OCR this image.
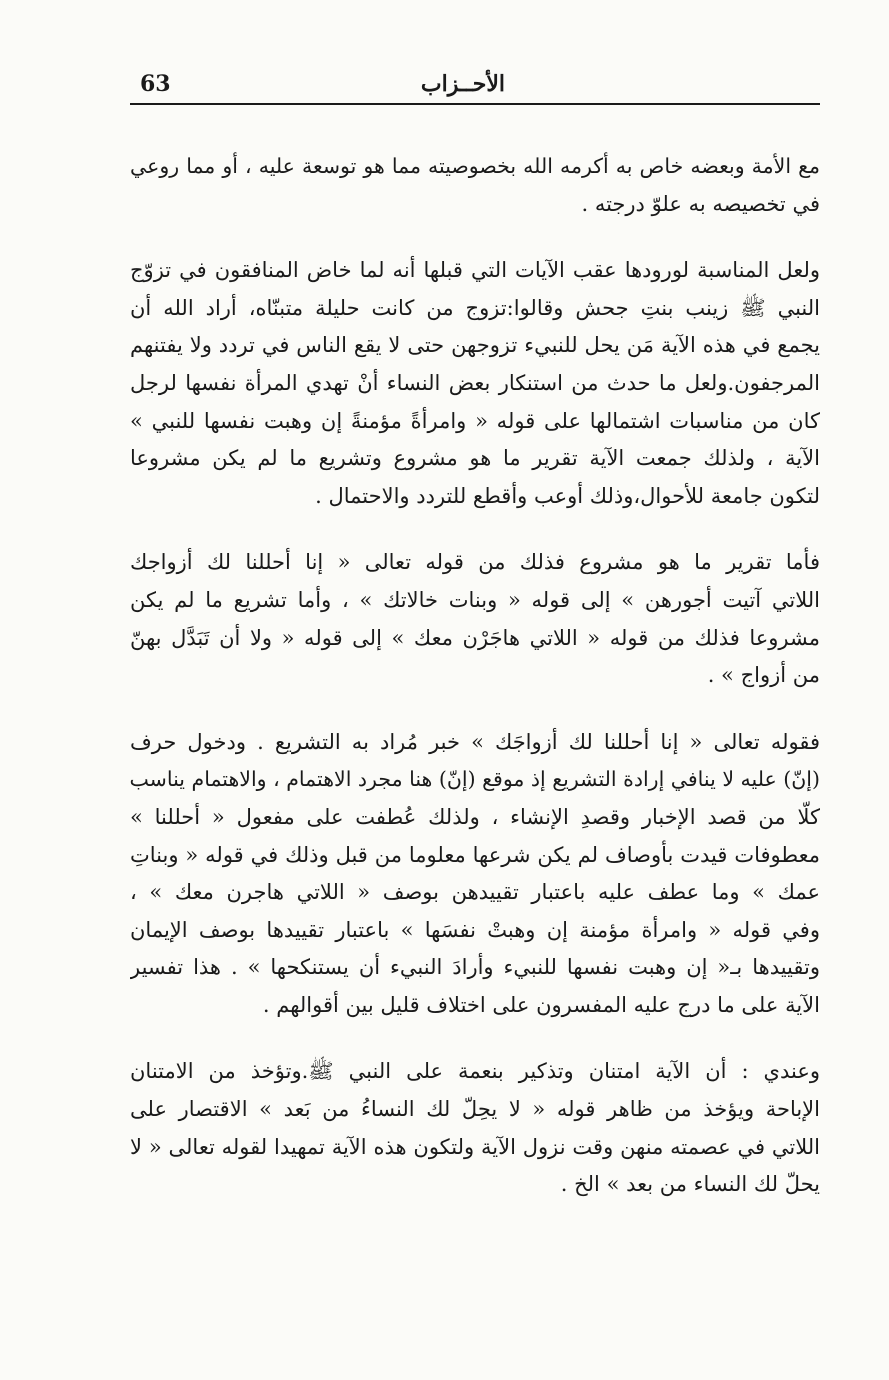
الأحــزاب
63
مع الأمة وبعضه خاص به أكرمه الله بخصوصيته مما هو توسعة عليه ، أو مما روعي
في تخصيصه به علوّ درجته .
ولعل المناسبة لورودها عقب الآيات التي قبلها أنه لما خاض المنافقون في تزوّج
النبي ﷺ زينب بنتِ جحش وقالوا:تزوج من كانت حليلة متبنّاه، أراد الله أن
يجمع في هذه الآية مَن يحل للنبيء تزوجهن حتى لا يقع الناس في تردد ولا يفتنهم
المرجفون.ولعل ما حدث من استنكار بعض النساء أنْ تهدي المرأة نفسها لرجل
كان من مناسبات اشتمالها على قوله « وامرأةً مؤمنةً إن وهبت نفسها للنبي »
الآية ، ولذلك جمعت الآية تقرير ما هو مشروع وتشريع ما لم يكن مشروعا
لتكون جامعة للأحوال،وذلك أوعب وأقطع للتردد والاحتمال .
فأما تقرير ما هو مشروع فذلك من قوله تعالى « إنا أحللنا لك أزواجك
اللاتي آتيت أجورهن » إلى قوله « وبنات خالاتك » ، وأما تشريع ما لم يكن
مشروعا فذلك من قوله « اللاتي هاجَرْن معك » إلى قوله « ولا أن تَبَدَّل بهنّ
من أزواج » .
فقوله تعالى « إنا أحللنا لك أزواجَك » خبر مُراد به التشريع . ودخول حرف
(إنّ) عليه لا ينافي إرادة التشريع إذ موقع (إنّ) هنا مجرد الاهتمام ، والاهتمام يناسب
كلّا من قصد الإخبار وقصدِ الإنشاء ، ولذلك عُطفت على مفعول « أحللنا »
معطوفات قيدت بأوصاف لم يكن شرعها معلوما من قبل وذلك في قوله « وبناتِ
عمك » وما عطف عليه باعتبار تقييدهن بوصف « اللاتي هاجرن معك » ،
وفي قوله « وامرأة مؤمنة إن وهبتْ نفسَها » باعتبار تقييدها بوصف الإيمان
وتقييدها بـ« إن وهبت نفسها للنبيء وأرادَ النبيء أن يستنكحها » . هذا تفسير
الآية على ما درج عليه المفسرون على اختلاف قليل بين أقوالهم .
وعندي : أن الآية امتنان وتذكير بنعمة على النبي ﷺ.وتؤخذ من الامتنان
الإباحة ويؤخذ من ظاهر قوله « لا يحِلّ لك النساءُ من بَعد » الاقتصار على
اللاتي في عصمته منهن وقت نزول الآية ولتكون هذه الآية تمهيدا لقوله تعالى « لا
يحلّ لك النساء من بعد » الخ .
